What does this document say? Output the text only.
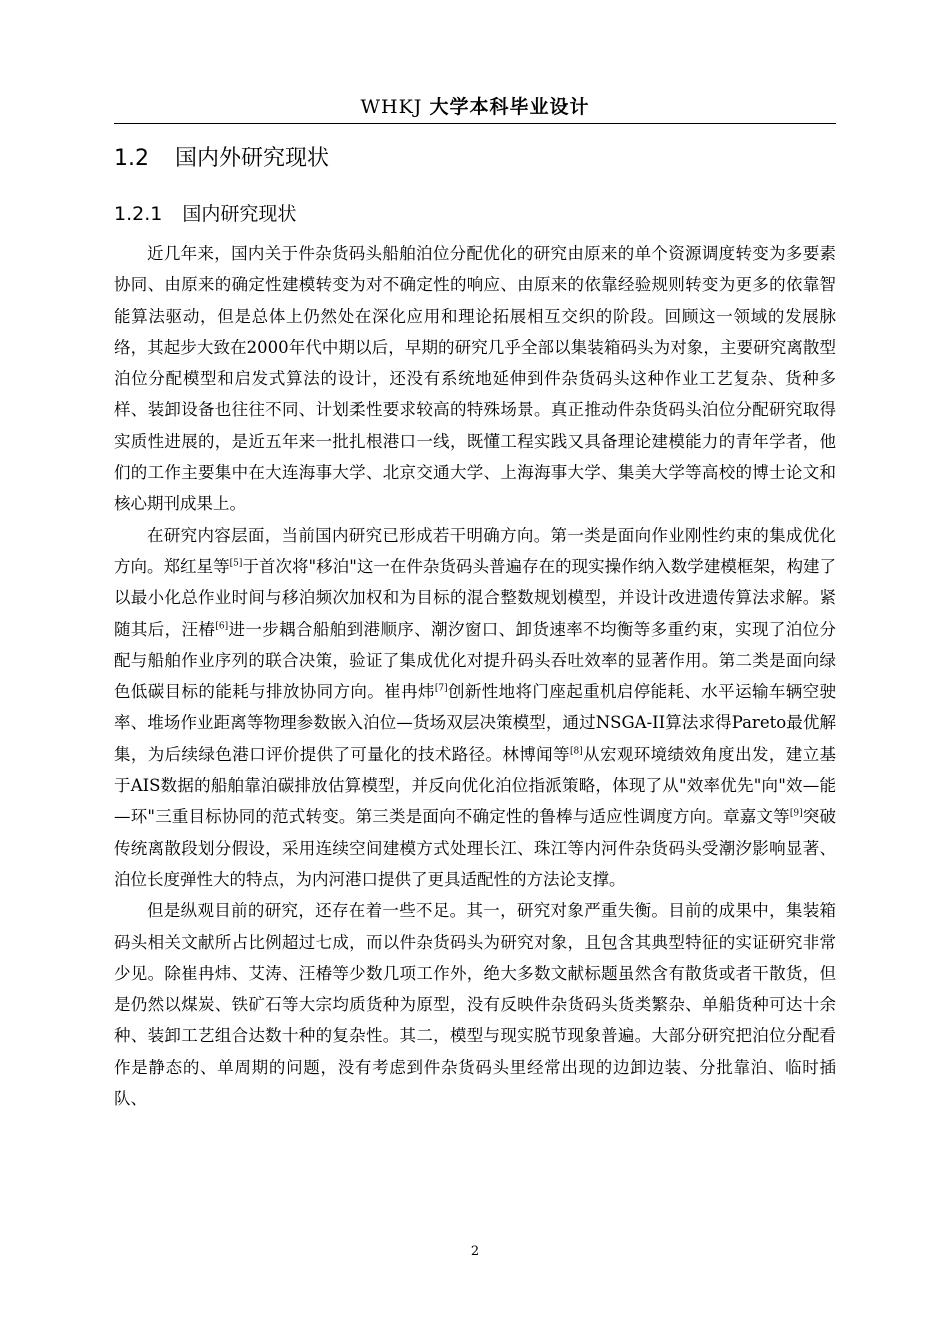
WHKJ 大学本科毕业设计
1.2 国内外研究现状
1.2.1 国内研究现状

近几年来，国内关于件杂货码头船舶泊位分配优化的研究由原来的单个资源调度转变为多要素协同、由原来的确定性建模转变为对不确定性的响应、由原来的依靠经验规则转变为更多的依靠智能算法驱动，但是总体上仍然处在深化应用和理论拓展相互交织的阶段。回顾这一领域的发展脉络，其起步大致在2000年代中期以后，早期的研究几乎全部以集装箱码头为对象，主要研究离散型泊位分配模型和启发式算法的设计，还没有系统地延伸到件杂货码头这种作业工艺复杂、货种多样、装卸设备也往往不同、计划柔性要求较高的特殊场景。真正推动件杂货码头泊位分配研究取得实质性进展的，是近五年来一批扎根港口一线，既懂工程实践又具备理论建模能力的青年学者，他们的工作主要集中在大连海事大学、北京交通大学、上海海事大学、集美大学等高校的博士论文和核心期刊成果上。

在研究内容层面，当前国内研究已形成若干明确方向。第一类是面向作业刚性约束的集成优化方向。郑红星等[5]于首次将"移泊"这一在件杂货码头普遍存在的现实操作纳入数学建模框架，构建了以最小化总作业时间与移泊频次加权和为目标的混合整数规划模型，并设计改进遗传算法求解。紧随其后，汪椿[6]进一步耦合船舶到港顺序、潮汐窗口、卸货速率不均衡等多重约束，实现了泊位分配与船舶作业序列的联合决策，验证了集成优化对提升码头吞吐效率的显著作用。第二类是面向绿色低碳目标的能耗与排放协同方向。崔冉炜[7]创新性地将门座起重机启停能耗、水平运输车辆空驶率、堆场作业距离等物理参数嵌入泊位—货场双层决策模型，通过NSGA-II算法求得Pareto最优解集，为后续绿色港口评价提供了可量化的技术路径。林博闻等[8]从宏观环境绩效角度出发，建立基于AIS数据的船舶靠泊碳排放估算模型，并反向优化泊位指派策略，体现了从"效率优先"向"效—能—环"三重目标协同的范式转变。第三类是面向不确定性的鲁棒与适应性调度方向。章嘉文等[9]突破传统离散段划分假设，采用连续空间建模方式处理长江、珠江等内河件杂货码头受潮汐影响显著、泊位长度弹性大的特点，为内河港口提供了更具适配性的方法论支撑。

但是纵观目前的研究，还存在着一些不足。其一，研究对象严重失衡。目前的成果中，集装箱码头相关文献所占比例超过七成，而以件杂货码头为研究对象，且包含其典型特征的实证研究非常少见。除崔冉炜、艾涛、汪椿等少数几项工作外，绝大多数文献标题虽然含有散货或者干散货，但是仍然以煤炭、铁矿石等大宗均质货种为原型，没有反映件杂货码头货类繁杂、单船货种可达十余种、装卸工艺组合达数十种的复杂性。其二，模型与现实脱节现象普遍。大部分研究把泊位分配看作是静态的、单周期的问题，没有考虑到件杂货码头里经常出现的边卸边装、分批靠泊、临时插队、

2
